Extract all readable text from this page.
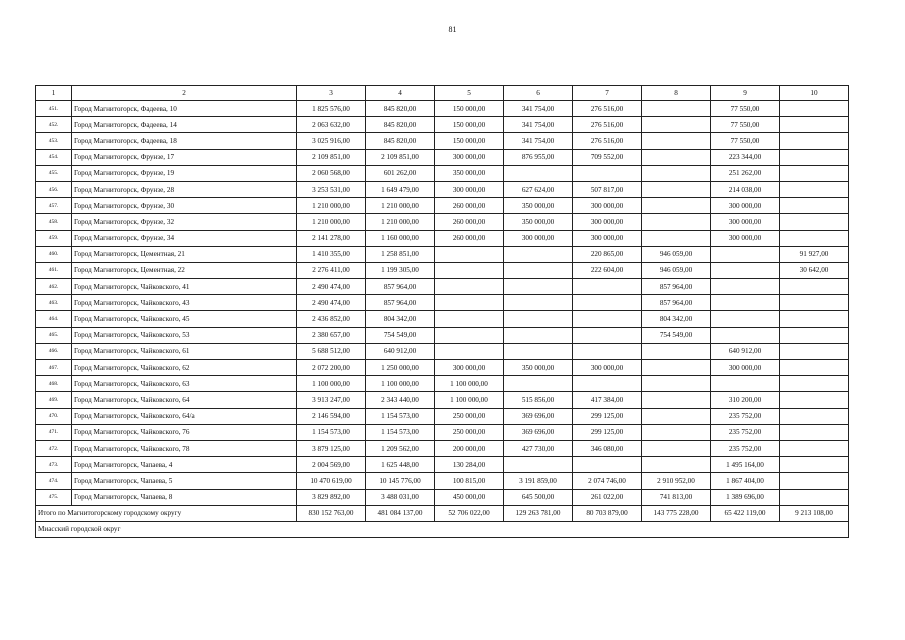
81
1	2	3	4	5	6	7	8	9	10
451.	Город Магнитогорск, Фадеева, 10	1 825 576,00	845 820,00	150 000,00	341 754,00	276 516,00		77 550,00	
452.	Город Магнитогорск, Фадеева, 14	2 063 632,00	845 820,00	150 000,00	341 754,00	276 516,00		77 550,00	
453.	Город Магнитогорск, Фадеева, 18	3 025 916,00	845 820,00	150 000,00	341 754,00	276 516,00		77 550,00	
454.	Город Магнитогорск, Фрунзе, 17	2 109 851,00	2 109 851,00	300 000,00	876 955,00	709 552,00		223 344,00	
455.	Город Магнитогорск, Фрунзе, 19	2 060 568,00	601 262,00	350 000,00				251 262,00	
456.	Город Магнитогорск, Фрунзе, 28	3 253 531,00	1 649 479,00	300 000,00	627 624,00	507 817,00		214 038,00	
457.	Город Магнитогорск, Фрунзе, 30	1 210 000,00	1 210 000,00	260 000,00	350 000,00	300 000,00		300 000,00	
458.	Город Магнитогорск, Фрунзе, 32	1 210 000,00	1 210 000,00	260 000,00	350 000,00	300 000,00		300 000,00	
459.	Город Магнитогорск, Фрунзе, 34	2 141 278,00	1 160 000,00	260 000,00	300 000,00	300 000,00		300 000,00	
460.	Город Магнитогорск, Цементная, 21	1 410 355,00	1 258 851,00			220 865,00	946 059,00		91 927,00
461.	Город Магнитогорск, Цементная, 22	2 276 411,00	1 199 305,00			222 604,00	946 059,00		30 642,00
462.	Город Магнитогорск, Чайковского, 41	2 490 474,00	857 964,00				857 964,00		
463.	Город Магнитогорск, Чайковского, 43	2 490 474,00	857 964,00				857 964,00		
464.	Город Магнитогорск, Чайковского, 45	2 436 852,00	804 342,00				804 342,00		
465.	Город Магнитогорск, Чайковского, 53	2 380 657,00	754 549,00				754 549,00		
466.	Город Магнитогорск, Чайковского, 61	5 688 512,00	640 912,00					640 912,00	
467.	Город Магнитогорск, Чайковского, 62	2 072 200,00	1 250 000,00	300 000,00	350 000,00	300 000,00		300 000,00	
468.	Город Магнитогорск, Чайковского, 63	1 100 000,00	1 100 000,00	1 100 000,00					
469.	Город Магнитогорск, Чайковского, 64	3 913 247,00	2 343 440,00	1 100 000,00	515 856,00	417 384,00		310 200,00	
470.	Город Магнитогорск, Чайковского, 64/а	2 146 594,00	1 154 573,00	250 000,00	369 696,00	299 125,00		235 752,00	
471.	Город Магнитогорск, Чайковского, 76	1 154 573,00	1 154 573,00	250 000,00	369 696,00	299 125,00		235 752,00	
472.	Город Магнитогорск, Чайковского, 78	3 879 125,00	1 209 562,00	200 000,00	427 730,00	346 080,00		235 752,00	
473.	Город Магнитогорск, Чапаева, 4	2 004 569,00	1 625 448,00	130 284,00				1 495 164,00	
474.	Город Магнитогорск, Чапаева, 5	10 470 619,00	10 145 776,00	100 815,00	3 191 859,00	2 074 746,00	2 910 952,00	1 867 404,00	
475.	Город Магнитогорск, Чапаева, 8	3 829 892,00	3 488 031,00	450 000,00	645 500,00	261 022,00	741 813,00	1 389 696,00	
Итого по Магнитогорскому городскому округу		830 152 763,00	481 084 137,00	52 706 022,00	129 263 781,00	80 703 879,00	143 775 228,00	65 422 119,00	9 213 108,00
Миасский городской округ									
